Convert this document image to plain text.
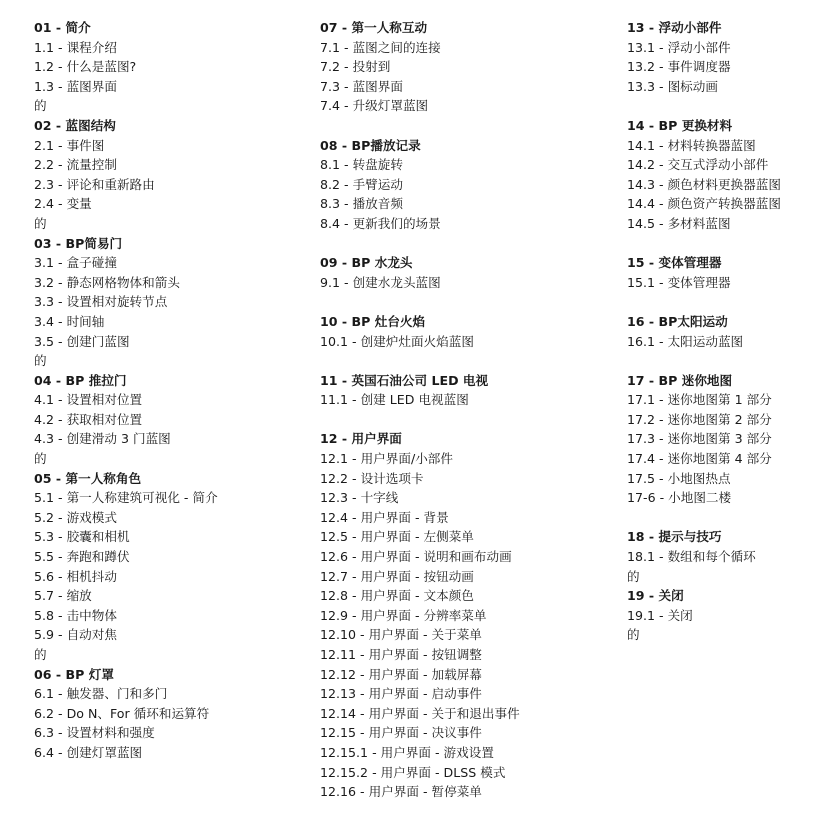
01 - 简介
1.1 - 课程介绍
1.2 - 什么是蓝图?
1.3 - 蓝图界面
的
02 - 蓝图结构
2.1 - 事件图
2.2 - 流量控制
2.3 - 评论和重新路由
2.4 - 变量
的
03 - BP简易门
3.1 - 盒子碰撞
3.2 - 静态网格物体和箭头
3.3 - 设置相对旋转节点
3.4 - 时间轴
3.5 - 创建门蓝图
的
04 - BP 推拉门
4.1 - 设置相对位置
4.2 - 获取相对位置
4.3 - 创建滑动 3 门蓝图
的
05 - 第一人称角色
5.1 - 第一人称建筑可视化 - 简介
5.2 - 游戏模式
5.3 - 胶囊和相机
5.5 - 奔跑和蹲伏
5.6 - 相机抖动
5.7 - 缩放
5.8 - 击中物体
5.9 - 自动对焦
的
06 - BP 灯罩
6.1 - 触发器、门和多门
6.2 - Do N、For 循环和运算符
6.3 - 设置材料和强度
6.4 - 创建灯罩蓝图
07 - 第一人称互动
7.1 - 蓝图之间的连接
7.2 - 投射到
7.3 - 蓝图界面
7.4 - 升级灯罩蓝图
08 - BP播放记录
8.1 - 转盘旋转
8.2 - 手臂运动
8.3 - 播放音频
8.4 - 更新我们的场景
09 - BP 水龙头
9.1 - 创建水龙头蓝图
10 - BP 灶台火焰
10.1 - 创建炉灶面火焰蓝图
11 - 英国石油公司 LED 电视
11.1 - 创建 LED 电视蓝图
12 - 用户界面
12.1 - 用户界面/小部件
12.2 - 设计选项卡
12.3 - 十字线
12.4 - 用户界面 - 背景
12.5 - 用户界面 - 左侧菜单
12.6 - 用户界面 - 说明和画布动画
12.7 - 用户界面 - 按钮动画
12.8 - 用户界面 - 文本颜色
12.9 - 用户界面 - 分辨率菜单
12.10 - 用户界面 - 关于菜单
12.11 - 用户界面 - 按钮调整
12.12 - 用户界面 - 加载屏幕
12.13 - 用户界面 - 启动事件
12.14 - 用户界面 - 关于和退出事件
12.15 - 用户界面 - 决议事件
12.15.1 - 用户界面 - 游戏设置
12.15.2 - 用户界面 - DLSS 模式
12.16 - 用户界面 - 暂停菜单
13 - 浮动小部件
13.1 - 浮动小部件
13.2 - 事件调度器
13.3 - 图标动画
14 - BP 更换材料
14.1 - 材料转换器蓝图
14.2 - 交互式浮动小部件
14.3 - 颜色材料更换器蓝图
14.4 - 颜色资产转换器蓝图
14.5 - 多材料蓝图
15 - 变体管理器
15.1 - 变体管理器
16 - BP太阳运动
16.1 - 太阳运动蓝图
17 - BP 迷你地图
17.1 - 迷你地图第 1 部分
17.2 - 迷你地图第 2 部分
17.3 - 迷你地图第 3 部分
17.4 - 迷你地图第 4 部分
17.5 - 小地图热点
17-6 - 小地图二楼
18 - 提示与技巧
18.1 - 数组和每个循环
的
19 - 关闭
19.1 - 关闭
的
